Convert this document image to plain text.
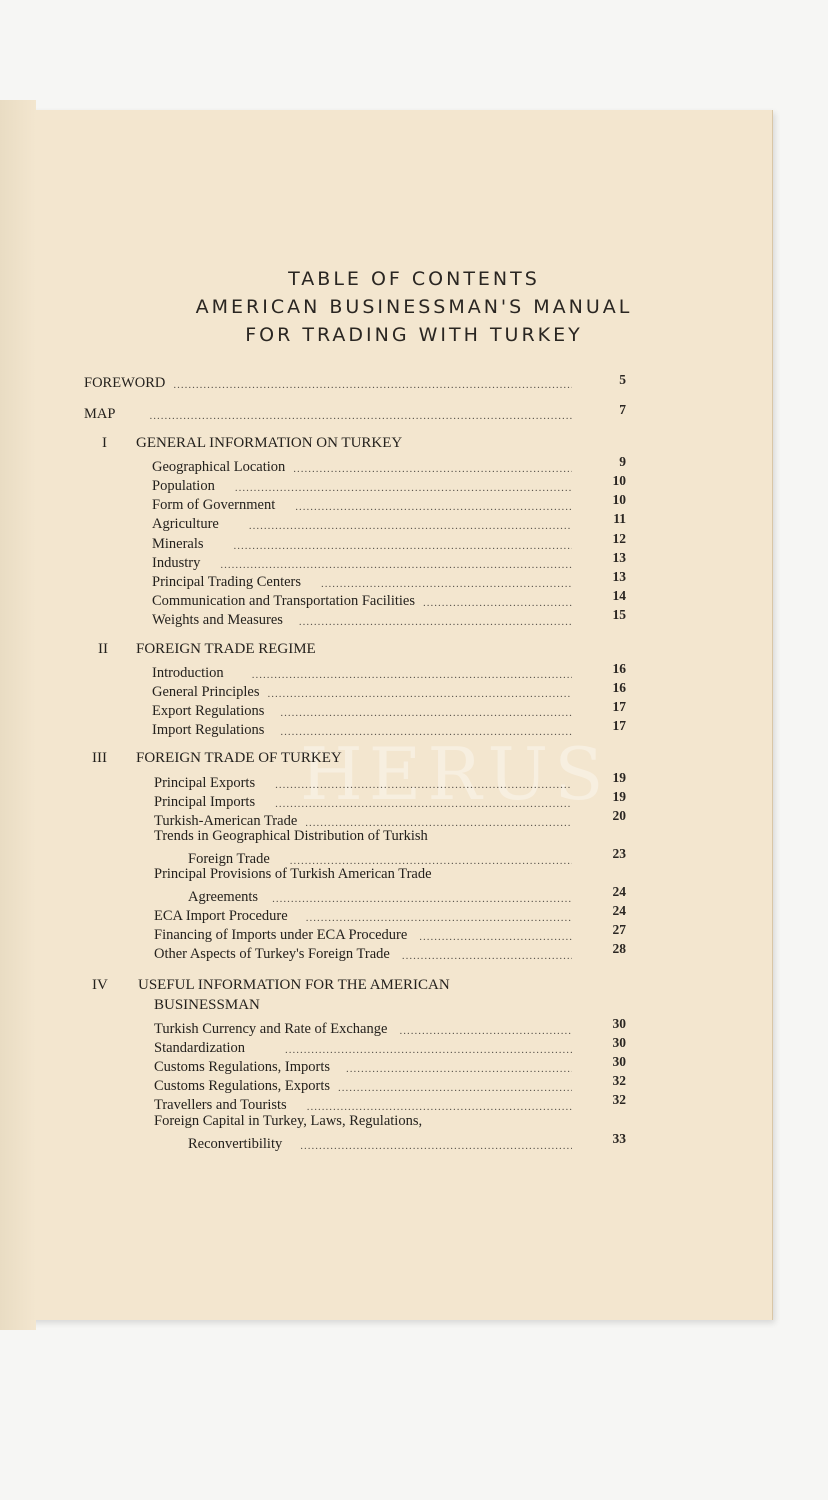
TABLE OF CONTENTS
AMERICAN BUSINESSMAN'S MANUAL
FOR TRADING WITH TURKEY
HERUS
FOREWORD .....	5
MAP .....	7
I GENERAL INFORMATION ON TURKEY
Geographical Location .....	9
Population .....	10
Form of Government .....	10
Agriculture .....	11
Minerals .....	12
Industry .....	13
Principal Trading Centers .....	13
Communication and Transportation Facilities .....	14
Weights and Measures .....	15
II FOREIGN TRADE REGIME
Introduction .....	16
General Principles .....	16
Export Regulations .....	17
Import Regulations .....	17
III FOREIGN TRADE OF TURKEY
Principal Exports .....	19
Principal Imports .....	19
Turkish-American Trade .....	20
Trends in Geographical Distribution of Turkish
Foreign Trade .....	23
Principal Provisions of Turkish American Trade
Agreements .....	24
ECA Import Procedure .....	24
Financing of Imports under ECA Procedure .....	27
Other Aspects of Turkey's Foreign Trade .....	28
IV USEFUL INFORMATION FOR THE AMERICAN
BUSINESSMAN
Turkish Currency and Rate of Exchange .....	30
Standardization .....	30
Customs Regulations, Imports .....	30
Customs Regulations, Exports .....	32
Travellers and Tourists .....	32
Foreign Capital in Turkey, Laws, Regulations,
Reconvertibility .....	33
